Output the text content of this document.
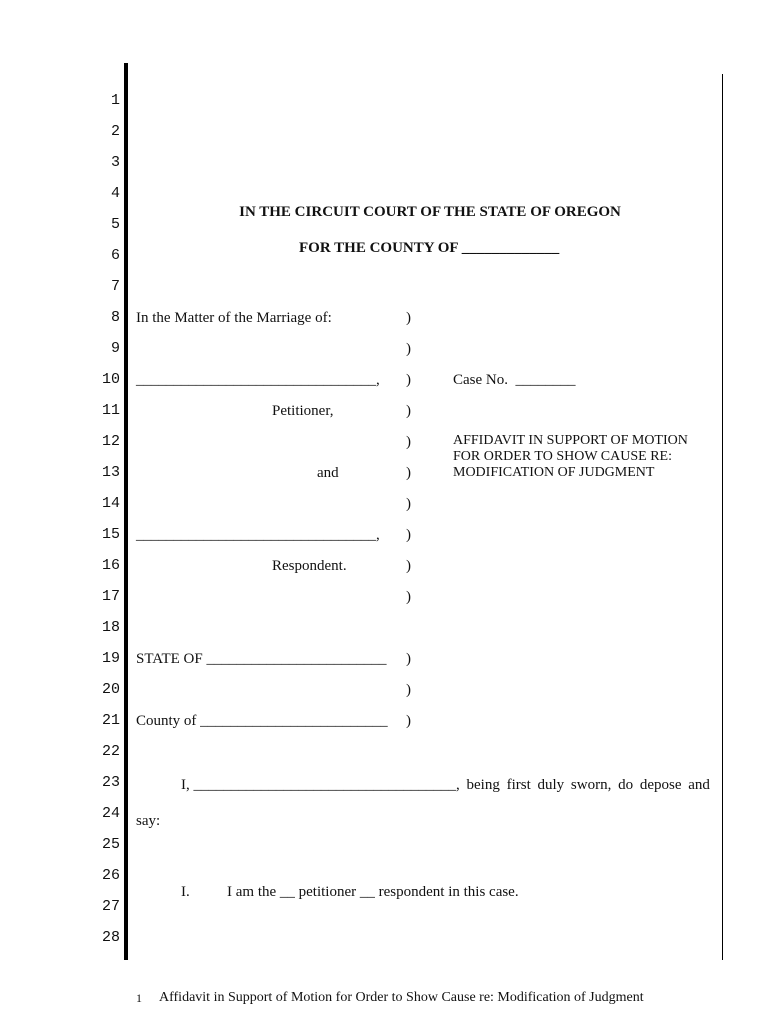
1
2
3
4
5
6
7
8
9
10
11
12
13
14
15
16
17
18
19
20
21
22
23
24
25
26
27
28
IN THE CIRCUIT COURT OF THE STATE OF OREGON
FOR THE COUNTY OF _____________
In the Matter of the Marriage of:
________________________________,
Petitioner,
and
________________________________,
Respondent.
)
)
)
)
)
)
)
)
)
)
Case No. ________
AFFIDAVIT IN SUPPORT OF MOTION FOR ORDER TO SHOW CAUSE RE: MODIFICATION OF JUDGMENT
STATE OF ________________________ )
)
County of _________________________ )
I, ___________________________________, being first duly sworn, do depose and
say:
I. I am the __ petitioner __ respondent in this case.
1 Affidavit in Support of Motion for Order to Show Cause re: Modification of Judgment
